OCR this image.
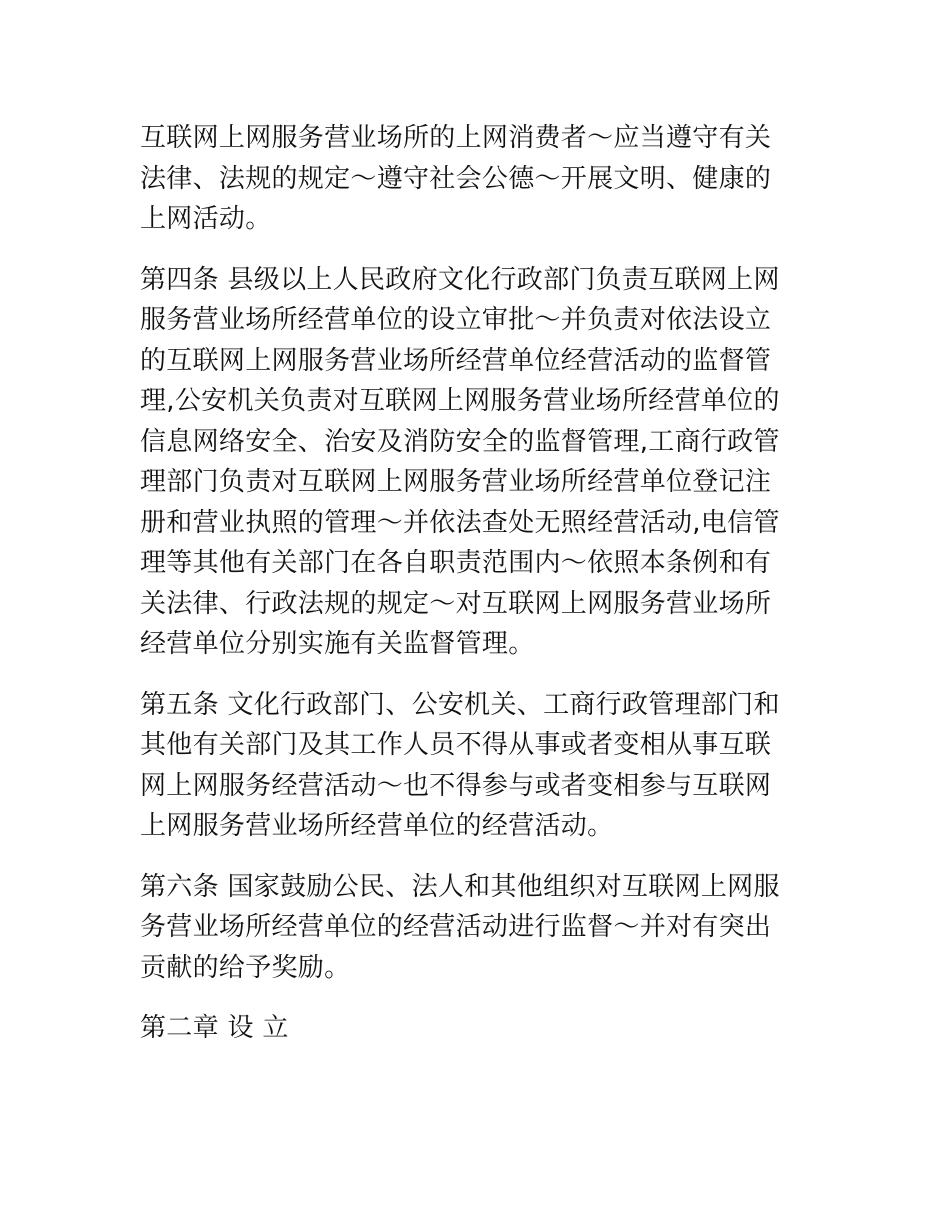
互联网上网服务营业场所的上网消费者～应当遵守有关
法律、法规的规定～遵守社会公德～开展文明、健康的
上网活动。

第四条 县级以上人民政府文化行政部门负责互联网上网
服务营业场所经营单位的设立审批～并负责对依法设立
的互联网上网服务营业场所经营单位经营活动的监督管
理,公安机关负责对互联网上网服务营业场所经营单位的
信息网络安全、治安及消防安全的监督管理,工商行政管
理部门负责对互联网上网服务营业场所经营单位登记注
册和营业执照的管理～并依法查处无照经营活动,电信管
理等其他有关部门在各自职责范围内～依照本条例和有
关法律、行政法规的规定～对互联网上网服务营业场所
经营单位分别实施有关监督管理。

第五条 文化行政部门、公安机关、工商行政管理部门和
其他有关部门及其工作人员不得从事或者变相从事互联
网上网服务经营活动～也不得参与或者变相参与互联网
上网服务营业场所经营单位的经营活动。

第六条 国家鼓励公民、法人和其他组织对互联网上网服
务营业场所经营单位的经营活动进行监督～并对有突出
贡献的给予奖励。

第二章 设 立
